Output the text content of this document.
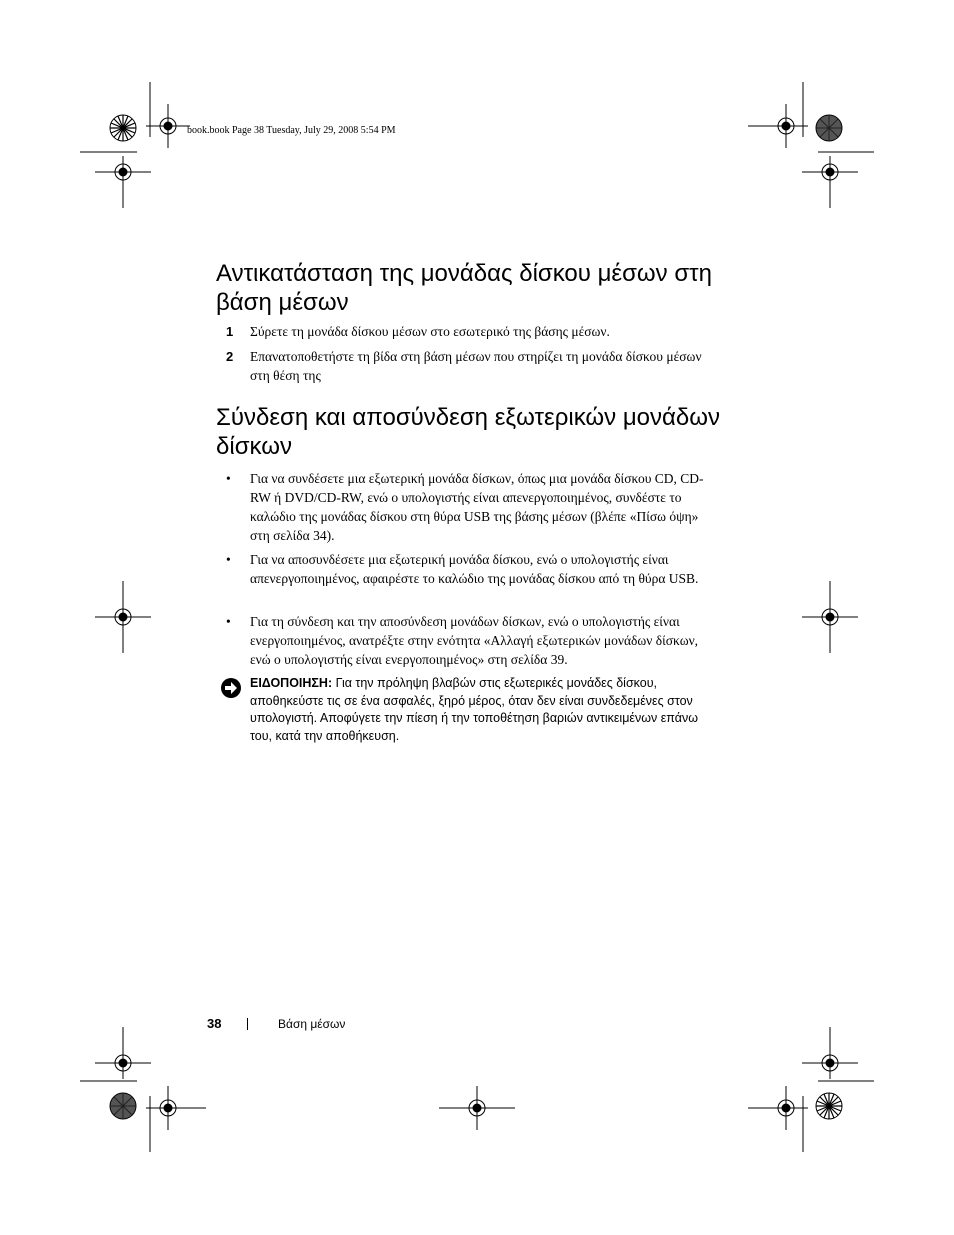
book.book Page 38 Tuesday, July 29, 2008 5:54 PM
Αντικατάσταση της μονάδας δίσκου μέσων στη βάση μέσων
1 Σύρετε τη μονάδα δίσκου μέσων στο εσωτερικό της βάσης μέσων.
2 Επανατοποθετήστε τη βίδα στη βάση μέσων που στηρίζει τη μονάδα δίσκου μέσων στη θέση της
Σύνδεση και αποσύνδεση εξωτερικών μονάδων δίσκων
• Για να συνδέσετε μια εξωτερική μονάδα δίσκων, όπως μια μονάδα δίσκου CD, CD-RW ή DVD/CD-RW, ενώ ο υπολογιστής είναι απενεργοποιημένος, συνδέστε το καλώδιο της μονάδας δίσκου στη θύρα USB της βάσης μέσων (βλέπε «Πίσω όψη» στη σελίδα 34).
• Για να αποσυνδέσετε μια εξωτερική μονάδα δίσκου, ενώ ο υπολογιστής είναι απενεργοποιημένος, αφαιρέστε το καλώδιο της μονάδας δίσκου από τη θύρα USB.
• Για τη σύνδεση και την αποσύνδεση μονάδων δίσκων, ενώ ο υπολογιστής είναι ενεργοποιημένος, ανατρέξτε στην ενότητα «Αλλαγή εξωτερικών μονάδων δίσκων, ενώ ο υπολογιστής είναι ενεργοποιημένος» στη σελίδα 39.
ΕΙΔΟΠΟΙΗΣΗ: Για την πρόληψη βλαβών στις εξωτερικές μονάδες δίσκου, αποθηκεύστε τις σε ένα ασφαλές, ξηρό μέρος, όταν δεν είναι συνδεδεμένες στον υπολογιστή. Αποφύγετε την πίεση ή την τοποθέτηση βαριών αντικειμένων επάνω του, κατά την αποθήκευση.
38	Βάση μέσων
